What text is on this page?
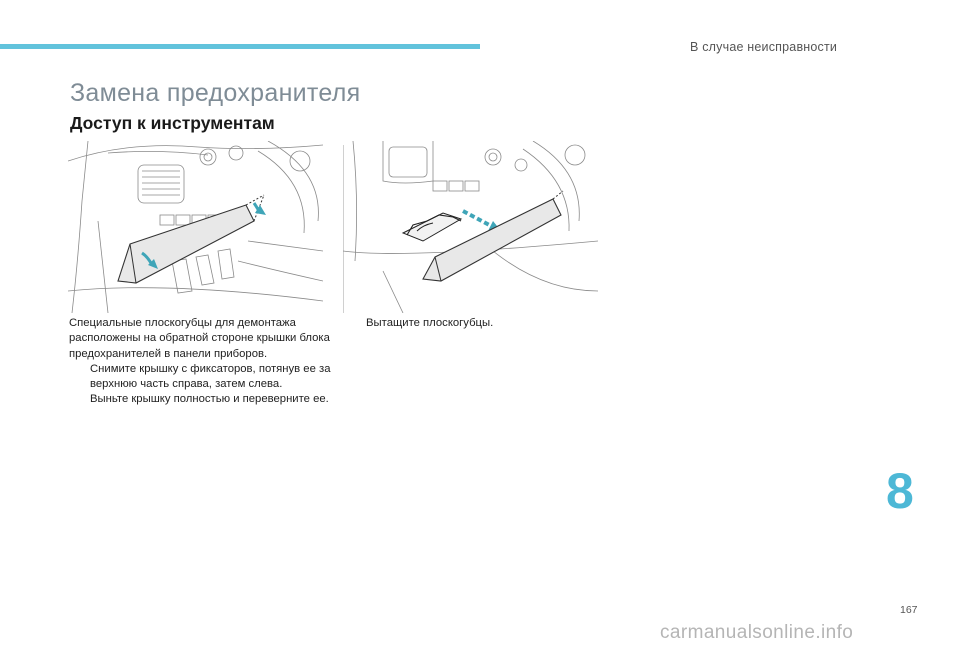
В случае неисправности
Замена предохранителя
Доступ к инструментам

Специальные плоскогубцы для демонтажа расположены на обратной стороне крышки блока предохранителей в панели приборов.

Снимите крышку с фиксаторов, потянув ее за верхнюю часть справа, затем слева.

Выньте крышку полностью и переверните ее.

Вытащите плоскогубцы.

8
167
carmanualsonline.info
